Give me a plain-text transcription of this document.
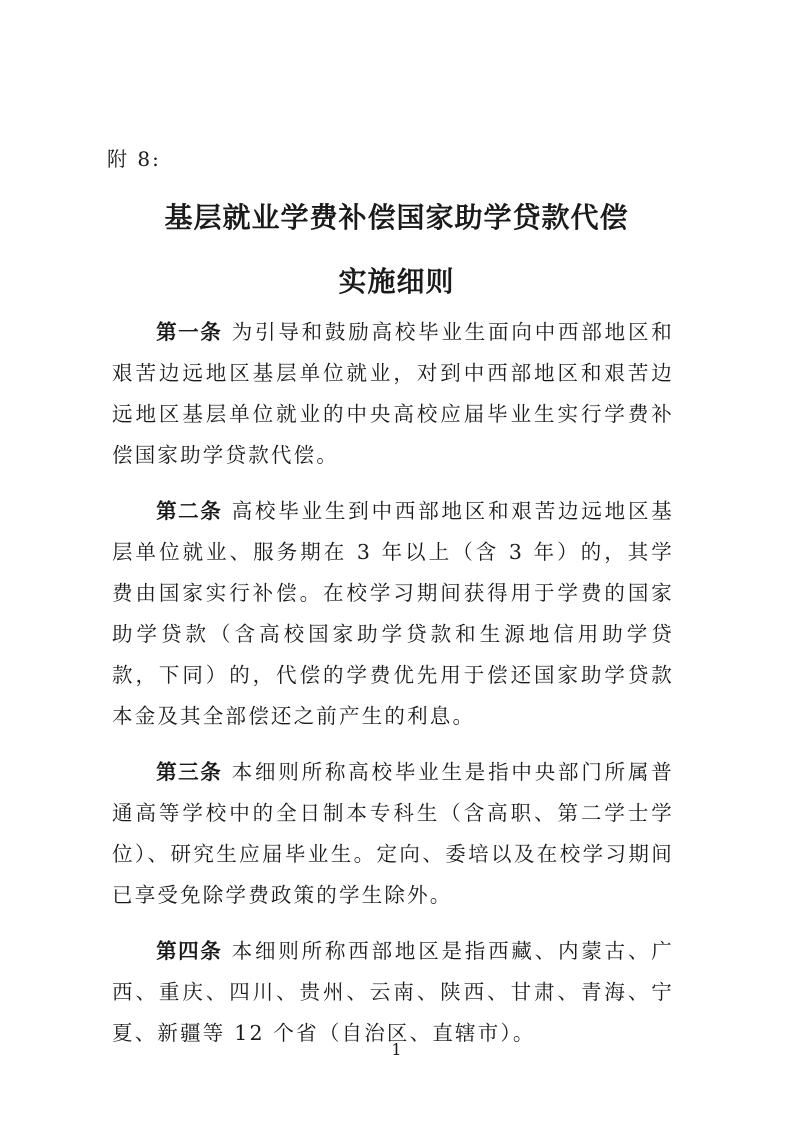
附 8:
基层就业学费补偿国家助学贷款代偿
实施细则

第一条 为引导和鼓励高校毕业生面向中西部地区和艰苦边远地区基层单位就业，对到中西部地区和艰苦边远地区基层单位就业的中央高校应届毕业生实行学费补偿国家助学贷款代偿。

第二条 高校毕业生到中西部地区和艰苦边远地区基层单位就业、服务期在 3 年以上（含 3 年）的，其学费由国家实行补偿。在校学习期间获得用于学费的国家助学贷款（含高校国家助学贷款和生源地信用助学贷款，下同）的，代偿的学费优先用于偿还国家助学贷款本金及其全部偿还之前产生的利息。

第三条 本细则所称高校毕业生是指中央部门所属普通高等学校中的全日制本专科生（含高职、第二学士学位）、研究生应届毕业生。定向、委培以及在校学习期间已享受免除学费政策的学生除外。

第四条 本细则所称西部地区是指西藏、内蒙古、广西、重庆、四川、贵州、云南、陕西、甘肃、青海、宁夏、新疆等 12 个省（自治区、直辖市）。

1
